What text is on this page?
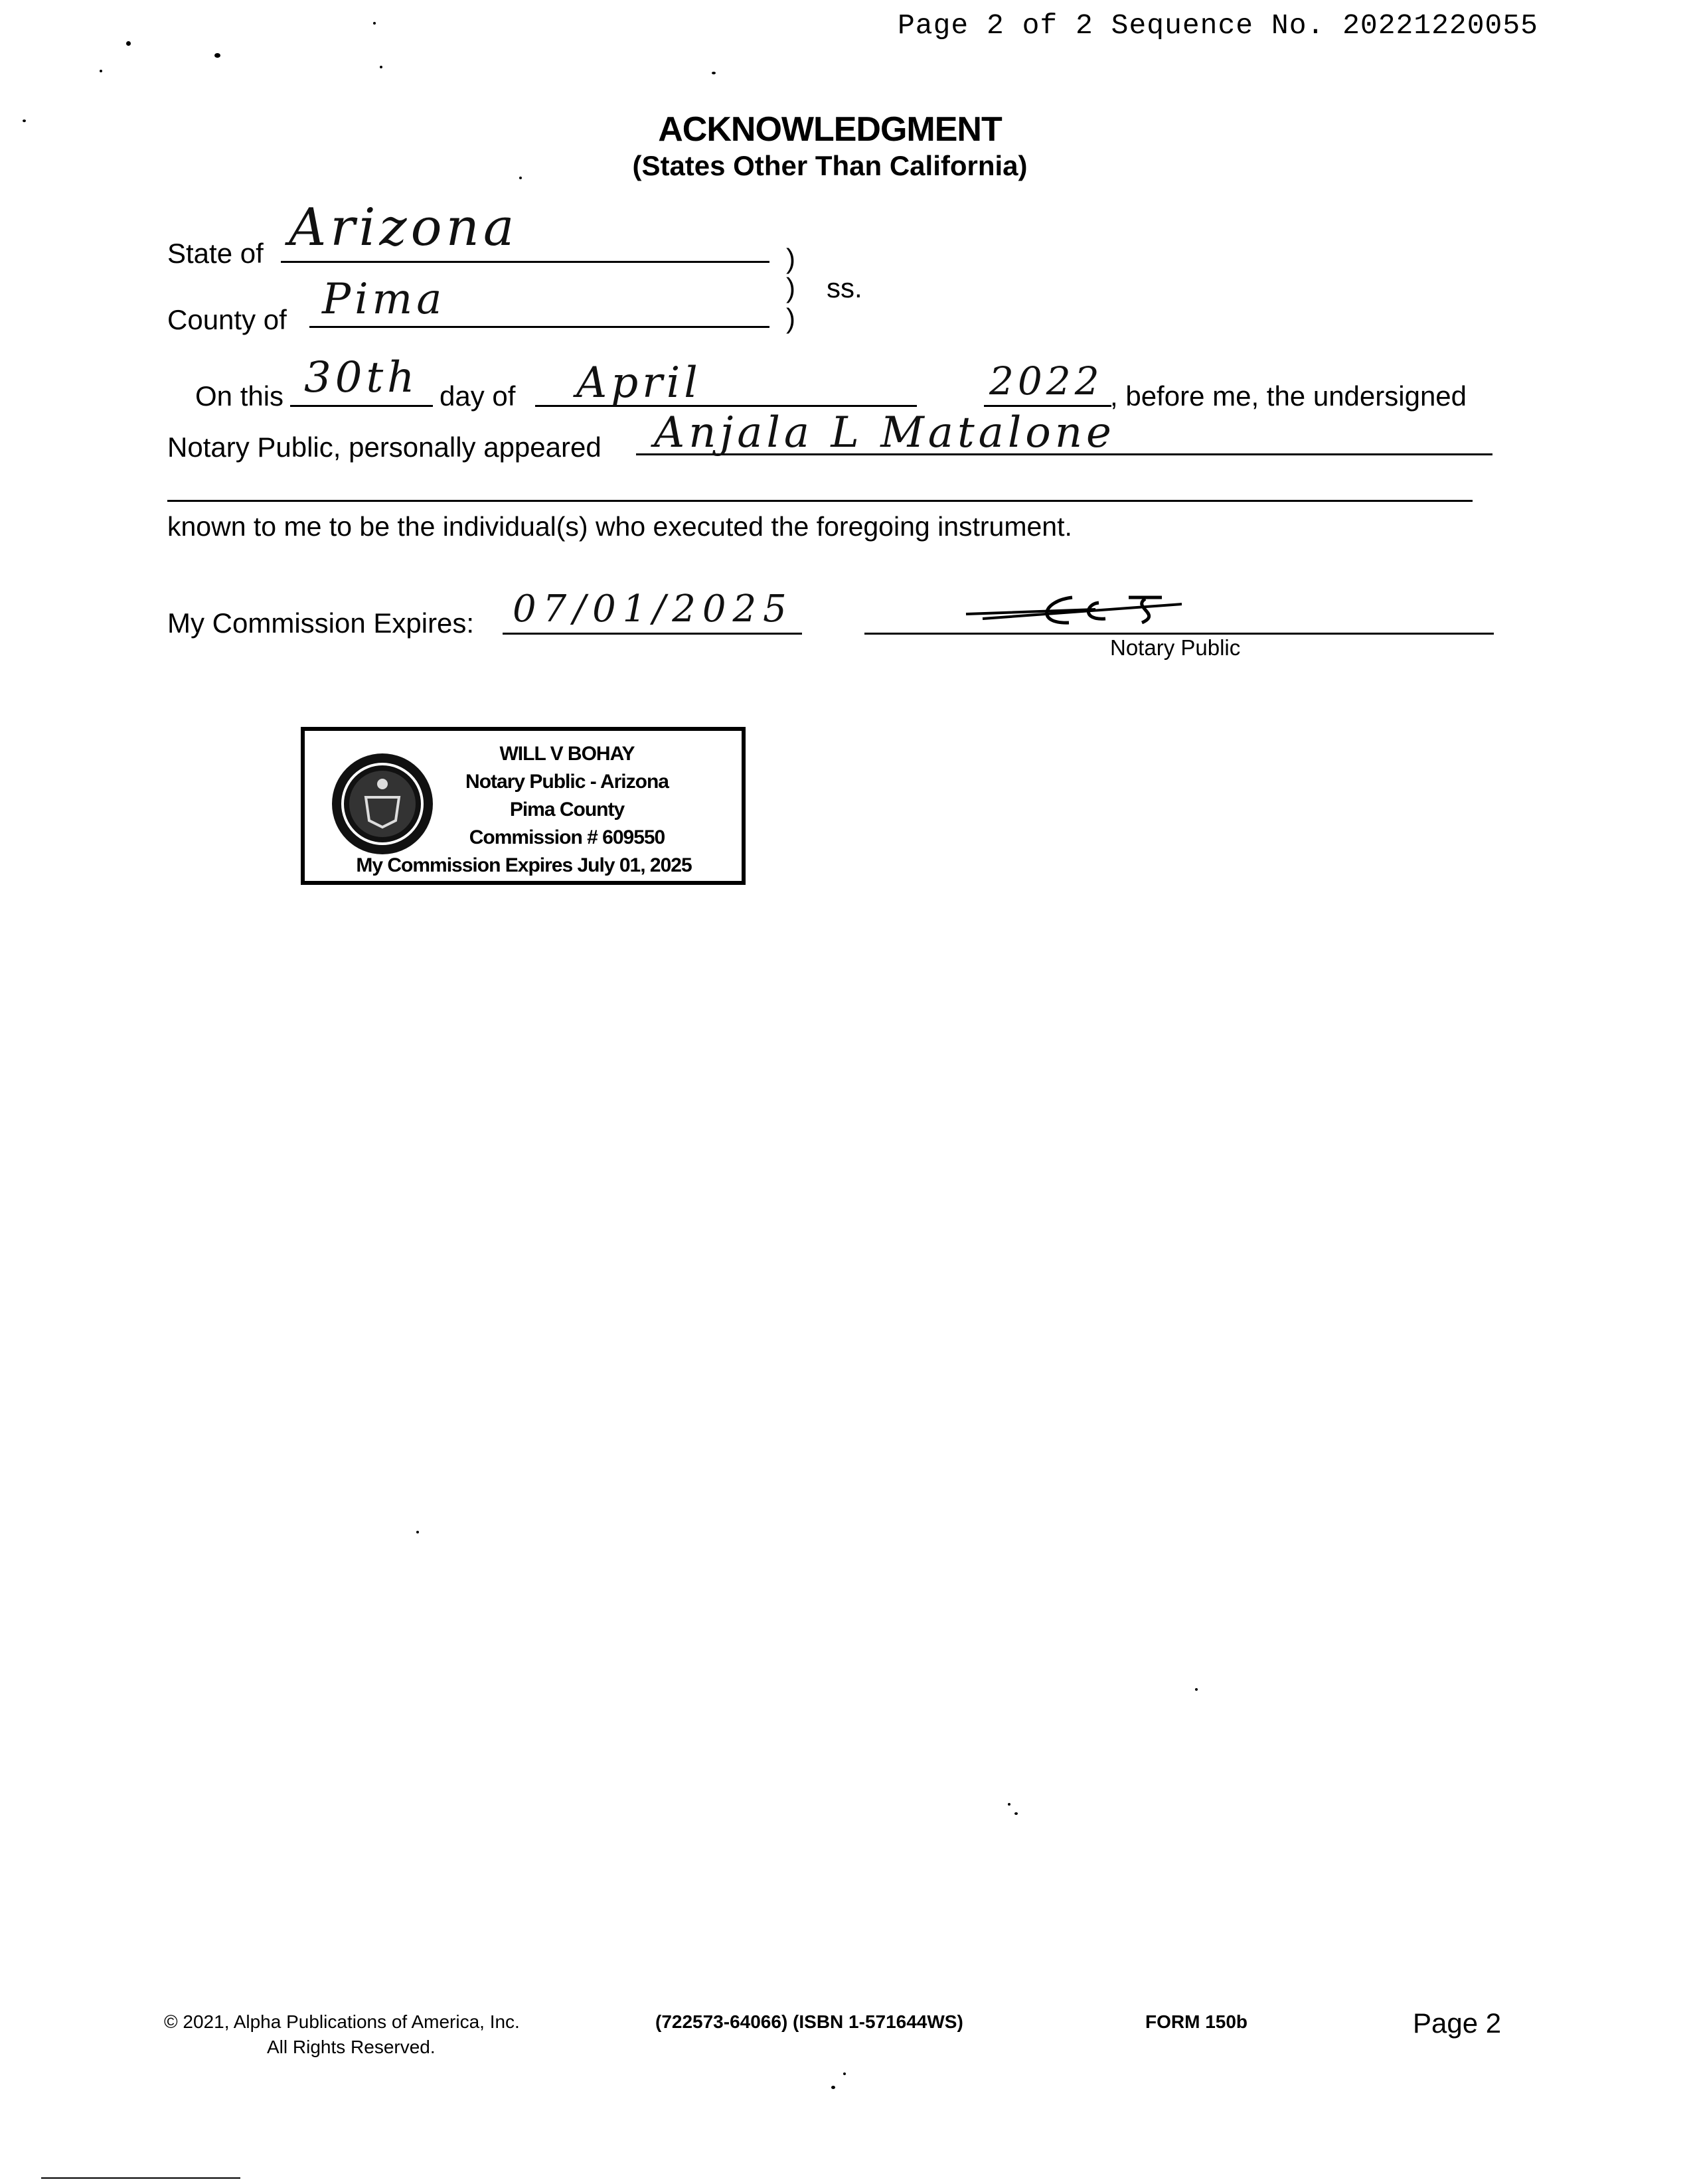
Page 2 of 2 Sequence No. 20221220055
ACKNOWLEDGMENT
(States Other Than California)
State of Arizona
County of Pima
)
)
)
ss.
On this 30th day of April	2022 , before me, the undersigned
Notary Public, personally appeared Anjala L Matalone
known to me to be the individual(s) who executed the foregoing instrument.
My Commission Expires: 07/01/2025
Notary Public
WILL V BOHAY
Notary Public - Arizona
Pima County
Commission # 609550
My Commission Expires July 01, 2025
© 2021, Alpha Publications of America, Inc.
All Rights Reserved.
(722573-64066) (ISBN 1-571644WS)	FORM 150b	Page 2
